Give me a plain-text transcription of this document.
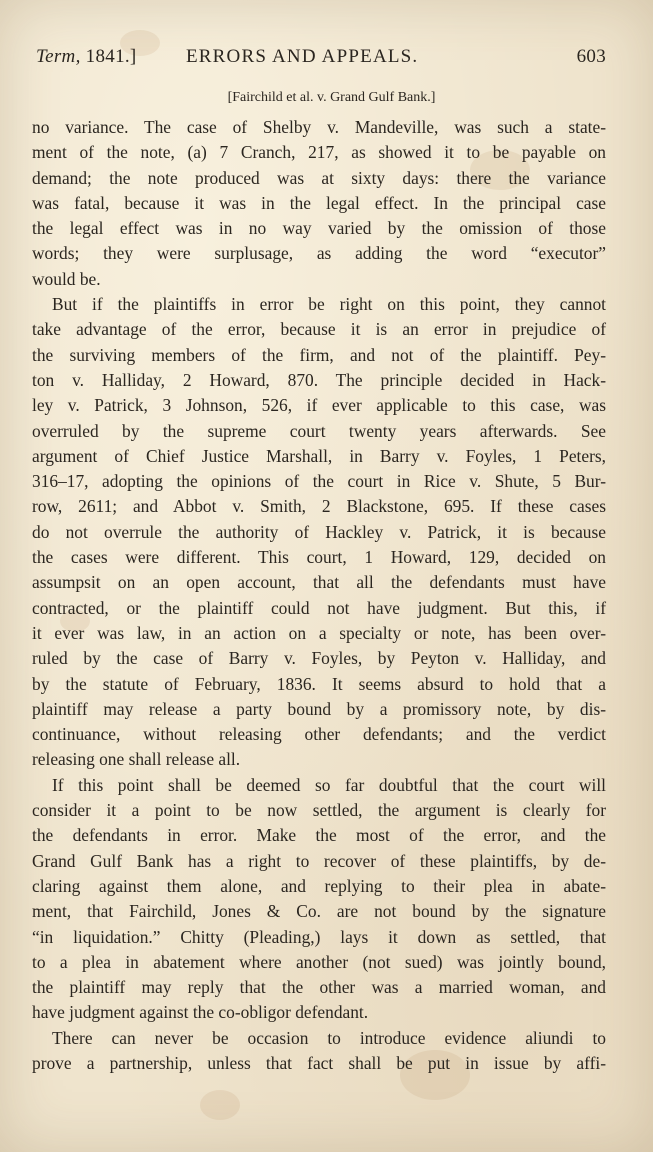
Term, 1841.]	ERRORS AND APPEALS.	603
[Fairchild et al. v. Grand Gulf Bank.]
no variance. The case of Shelby v. Mandeville, was such a state-
ment of the note, (a) 7 Cranch, 217, as showed it to be payable on
demand; the note produced was at sixty days: there the variance
was fatal, because it was in the legal effect. In the principal case
the legal effect was in no way varied by the omission of those
words; they were surplusage, as adding the word “executor”
would be.
But if the plaintiffs in error be right on this point, they cannot
take advantage of the error, because it is an error in prejudice of
the surviving members of the firm, and not of the plaintiff. Pey-
ton v. Halliday, 2 Howard, 870. The principle decided in Hack-
ley v. Patrick, 3 Johnson, 526, if ever applicable to this case, was
overruled by the supreme court twenty years afterwards. See
argument of Chief Justice Marshall, in Barry v. Foyles, 1 Peters,
316–17, adopting the opinions of the court in Rice v. Shute, 5 Bur-
row, 2611; and Abbot v. Smith, 2 Blackstone, 695. If these cases
do not overrule the authority of Hackley v. Patrick, it is because
the cases were different. This court, 1 Howard, 129, decided on
assumpsit on an open account, that all the defendants must have
contracted, or the plaintiff could not have judgment. But this, if
it ever was law, in an action on a specialty or note, has been over-
ruled by the case of Barry v. Foyles, by Peyton v. Halliday, and
by the statute of February, 1836. It seems absurd to hold that a
plaintiff may release a party bound by a promissory note, by dis-
continuance, without releasing other defendants; and the verdict
releasing one shall release all.
If this point shall be deemed so far doubtful that the court will
consider it a point to be now settled, the argument is clearly for
the defendants in error. Make the most of the error, and the
Grand Gulf Bank has a right to recover of these plaintiffs, by de-
claring against them alone, and replying to their plea in abate-
ment, that Fairchild, Jones & Co. are not bound by the signature
“in liquidation.” Chitty (Pleading,) lays it down as settled, that
to a plea in abatement where another (not sued) was jointly bound,
the plaintiff may reply that the other was a married woman, and
have judgment against the co-obligor defendant.
There can never be occasion to introduce evidence aliundi to
prove a partnership, unless that fact shall be put in issue by affi-
